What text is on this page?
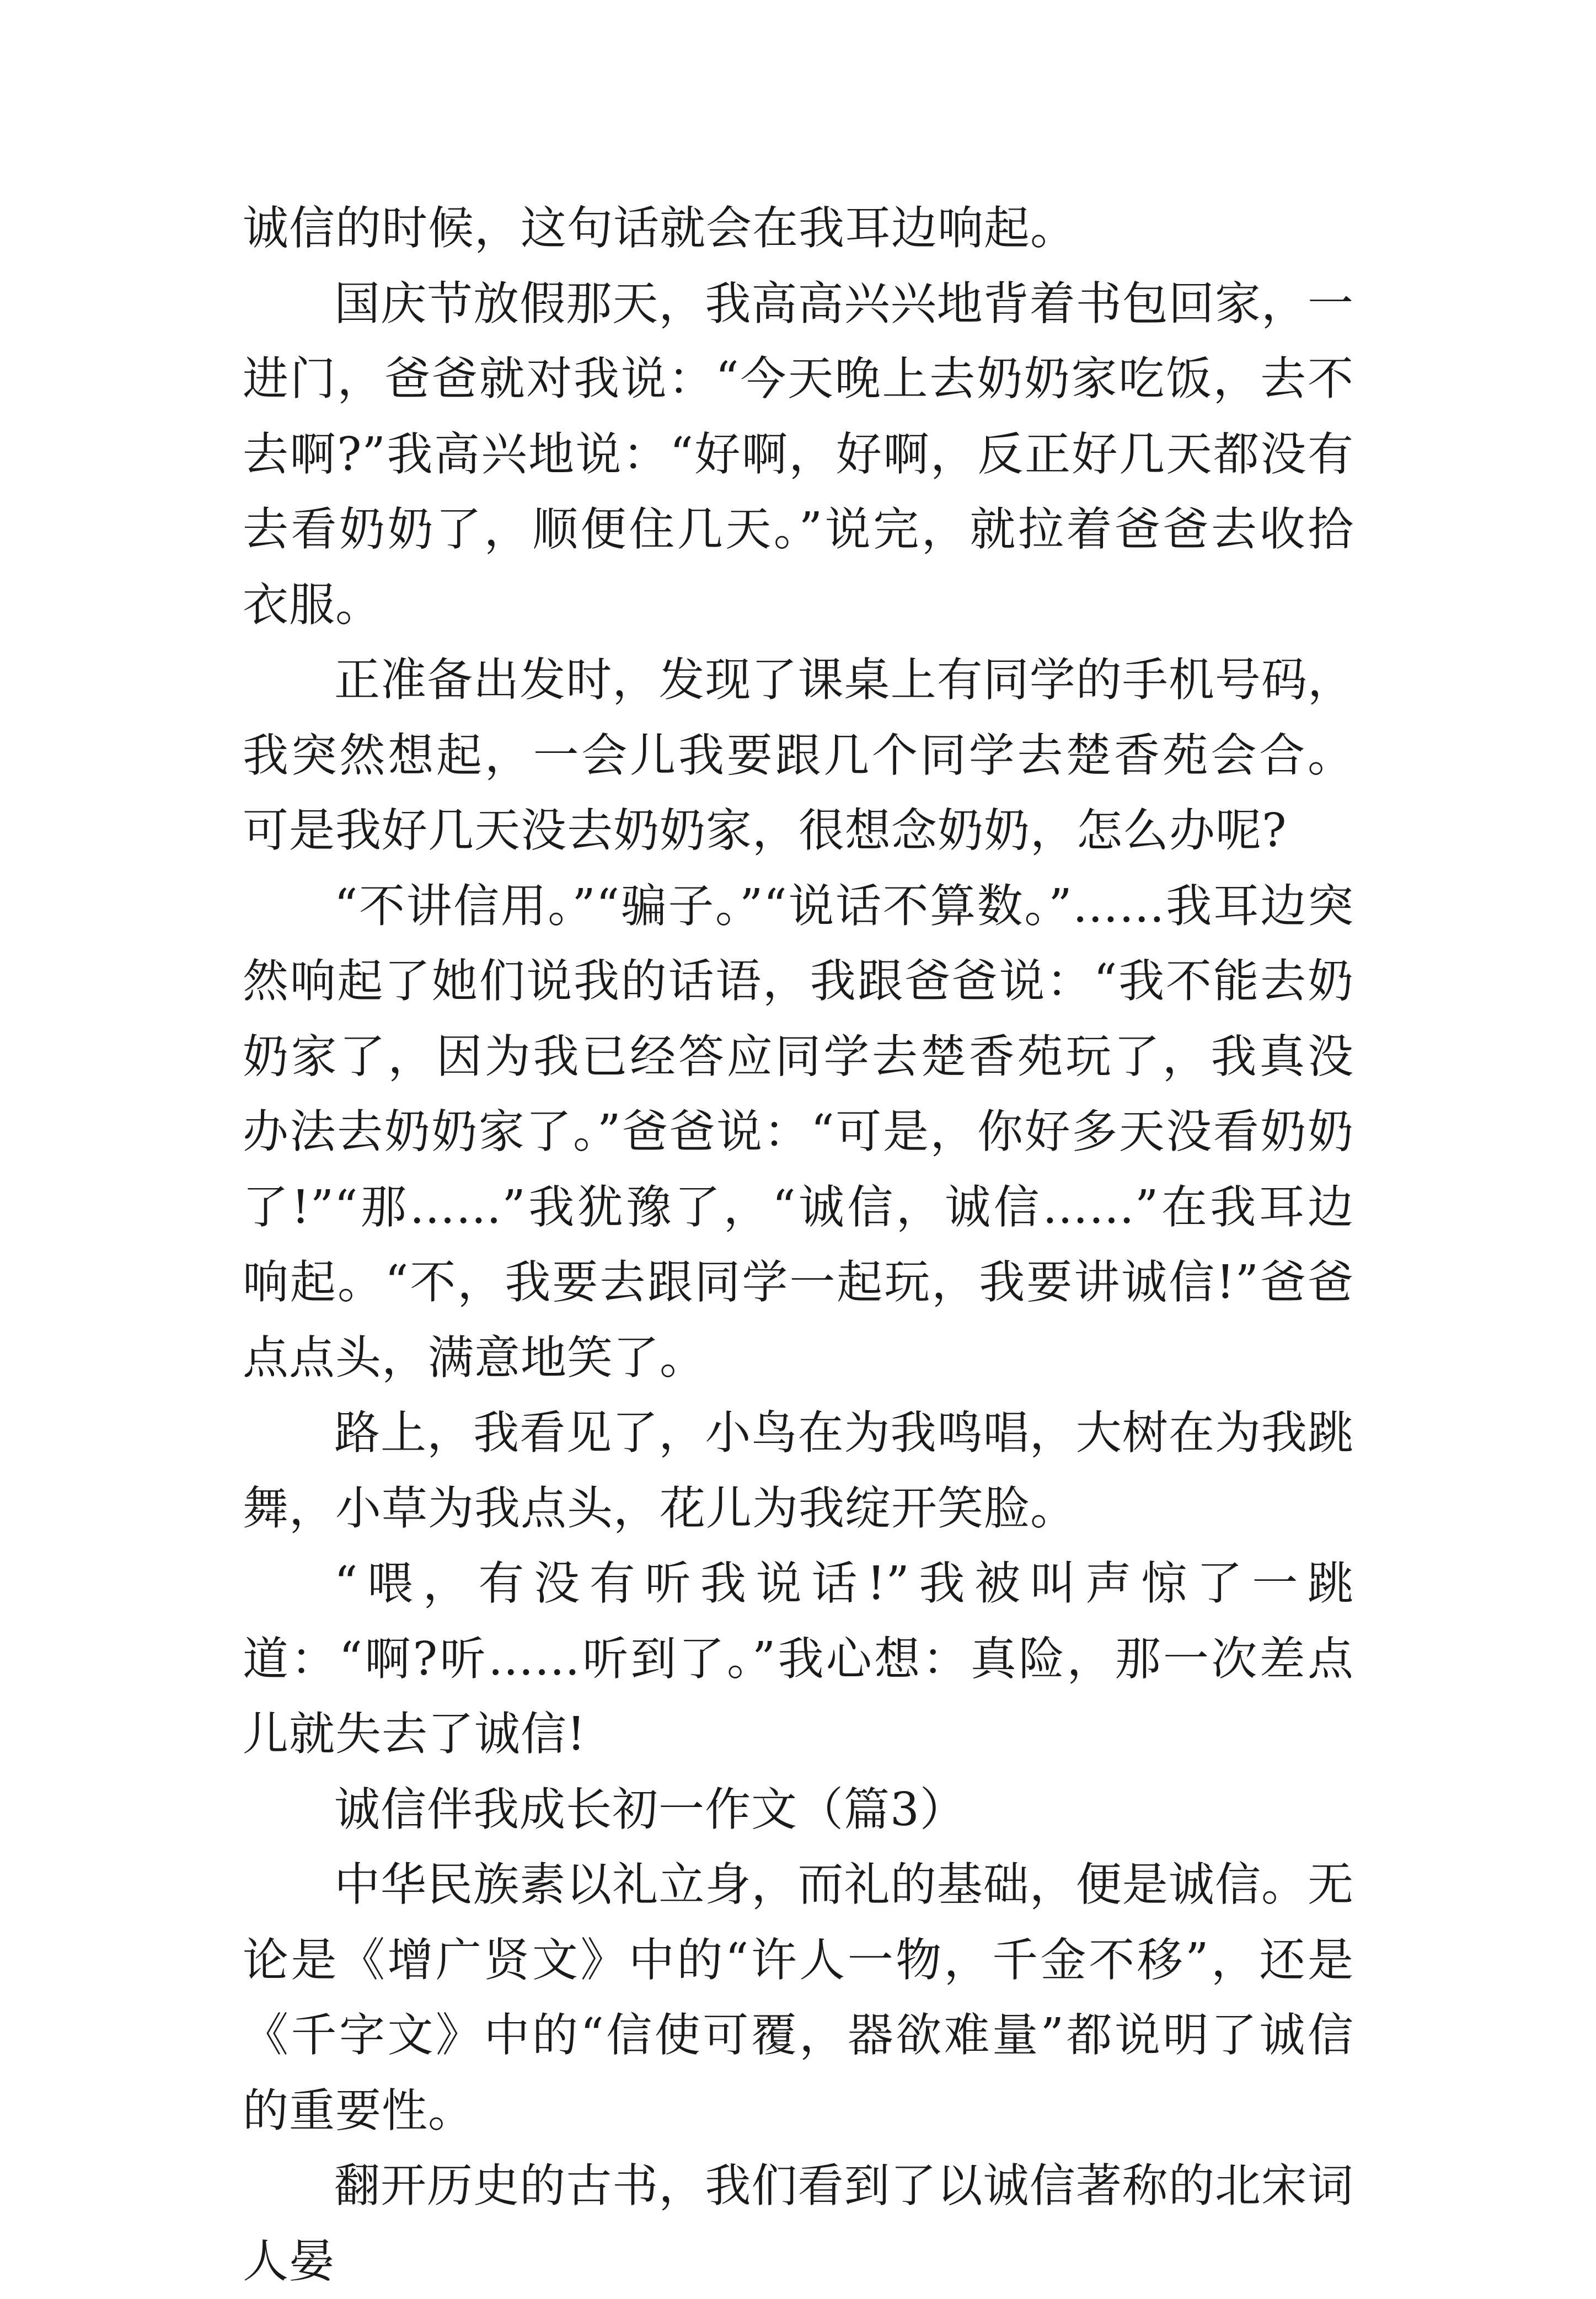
诚信的时候，这句话就会在我耳边响起。

国庆节放假那天，我高高兴兴地背着书包回家，一进门，爸爸就对我说：“今天晚上去奶奶家吃饭，去不去啊?”我高兴地说：“好啊，好啊，反正好几天都没有去看奶奶了，顺便住几天。”说完，就拉着爸爸去收拾衣服。

正准备出发时，发现了课桌上有同学的手机号码，我突然想起，一会儿我要跟几个同学去楚香苑会合。可是我好几天没去奶奶家，很想念奶奶，怎么办呢?

“不讲信用。”“骗子。”“说话不算数。”……我耳边突然响起了她们说我的话语，我跟爸爸说：“我不能去奶奶家了，因为我已经答应同学去楚香苑玩了，我真没办法去奶奶家了。”爸爸说：“可是，你好多天没看奶奶了!”“那……”我犹豫了，“诚信，诚信……”在我耳边响起。“不，我要去跟同学一起玩，我要讲诚信!”爸爸点点头，满意地笑了。

路上，我看见了，小鸟在为我鸣唱，大树在为我跳舞，小草为我点头，花儿为我绽开笑脸。

“喂，有没有听我说话!”我被叫声惊了一跳道：“啊?听……听到了。”我心想：真险，那一次差点儿就失去了诚信!

诚信伴我成长初一作文（篇3）

中华民族素以礼立身，而礼的基础，便是诚信。无论是《增广贤文》中的“许人一物，千金不移”，还是《千字文》中的“信使可覆，器欲难量”都说明了诚信的重要性。

翻开历史的古书，我们看到了以诚信著称的北宋词人晏
